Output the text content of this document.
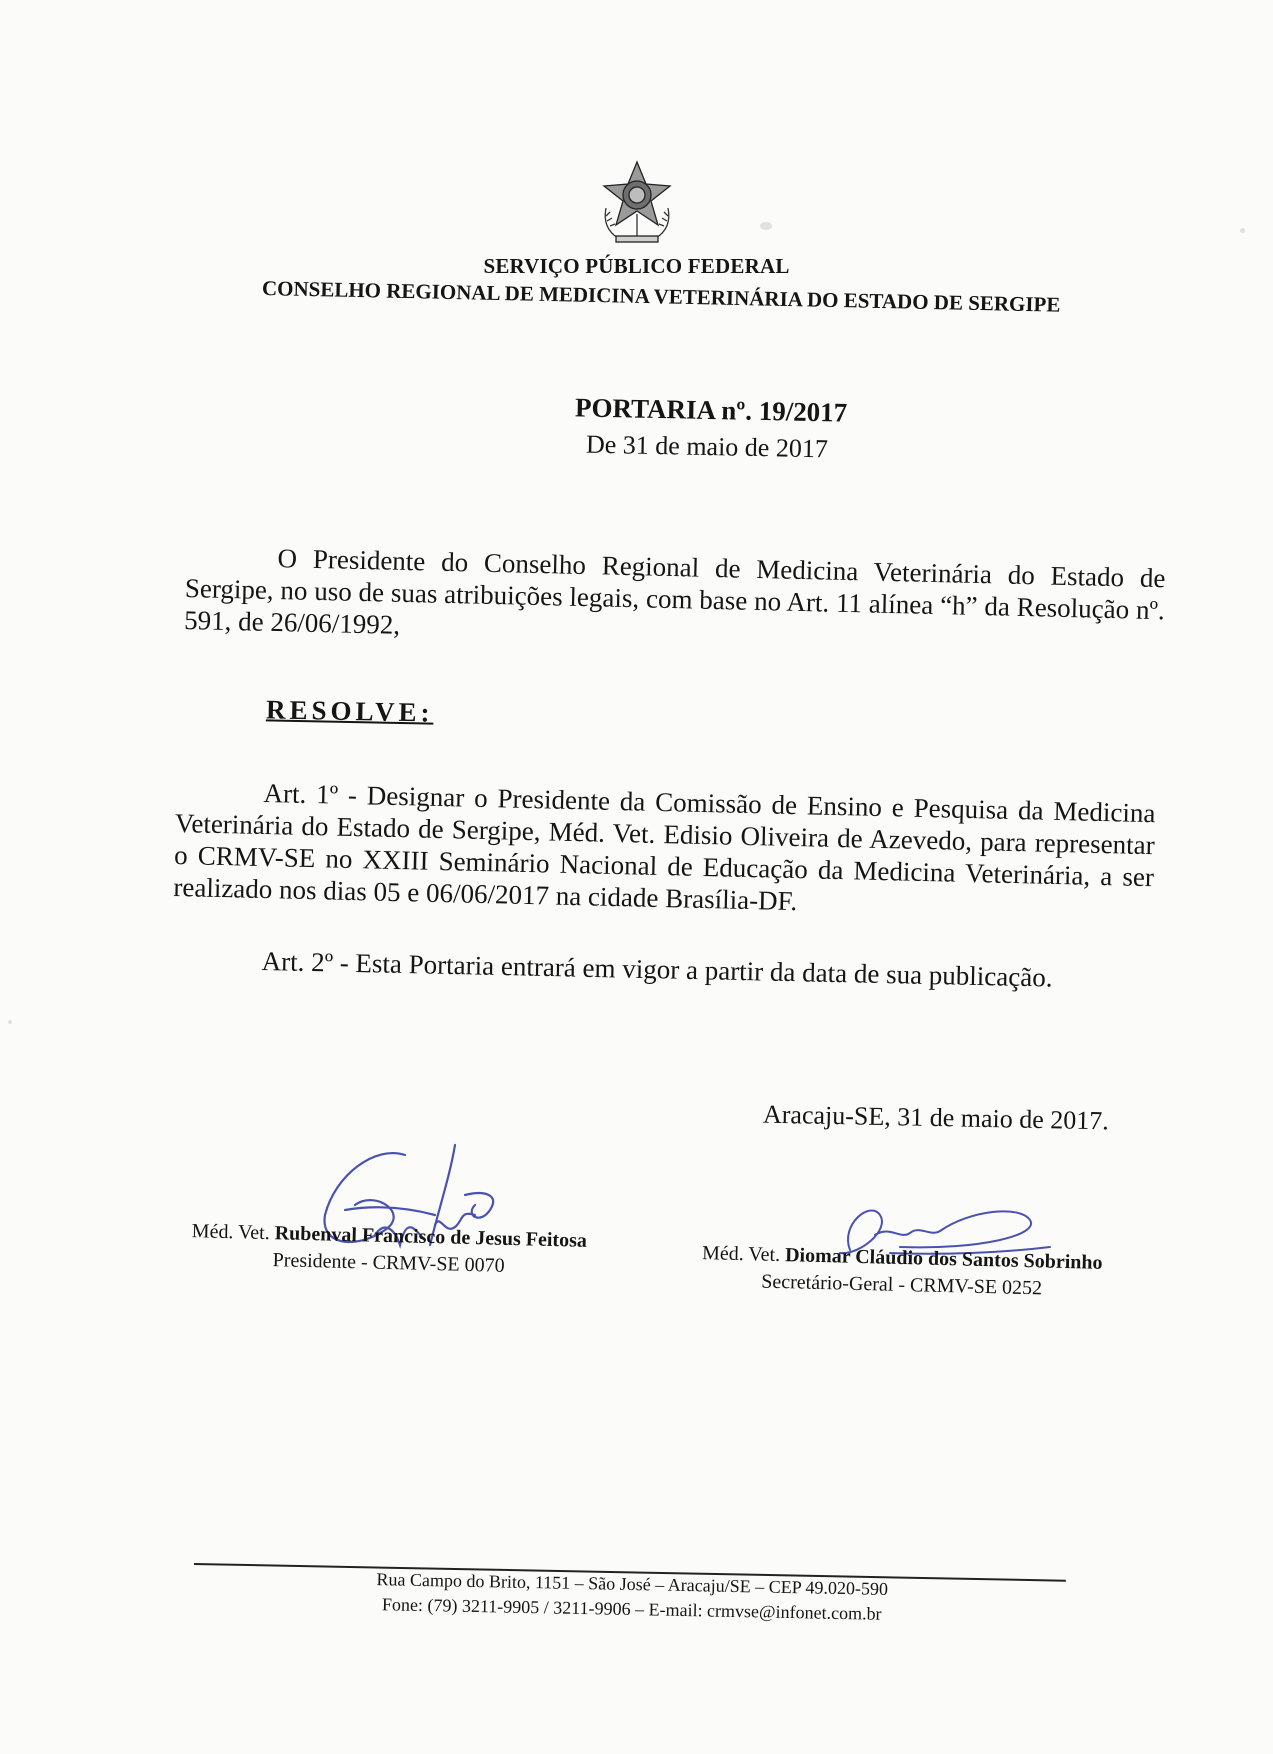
SERVIÇO PÚBLICO FEDERAL
CONSELHO REGIONAL DE MEDICINA VETERINÁRIA DO ESTADO DE SERGIPE
PORTARIA nº. 19/2017
De 31 de maio de 2017
O Presidente do Conselho Regional de Medicina Veterinária do Estado de Sergipe, no uso de suas atribuições legais, com base no Art. 11 alínea “h” da Resolução nº. 591, de 26/06/1992,
RESOLVE:
Art. 1º - Designar o Presidente da Comissão de Ensino e Pesquisa da Medicina Veterinária do Estado de Sergipe, Méd. Vet. Edisio Oliveira de Azevedo, para representar o CRMV-SE no XXIII Seminário Nacional de Educação da Medicina Veterinária, a ser realizado nos dias 05 e 06/06/2017 na cidade Brasília-DF.
Art. 2º - Esta Portaria entrará em vigor a partir da data de sua publicação.
Aracaju-SE, 31 de maio de 2017.
Méd. Vet. Rubenval Francisco de Jesus Feitosa
Presidente - CRMV-SE 0070	Méd. Vet. Diomar Cláudio dos Santos Sobrinho
Secretário-Geral - CRMV-SE 0252
Rua Campo do Brito, 1151 – São José – Aracaju/SE – CEP 49.020-590
Fone: (79) 3211-9905 / 3211-9906 – E-mail: crmvse@infonet.com.br
